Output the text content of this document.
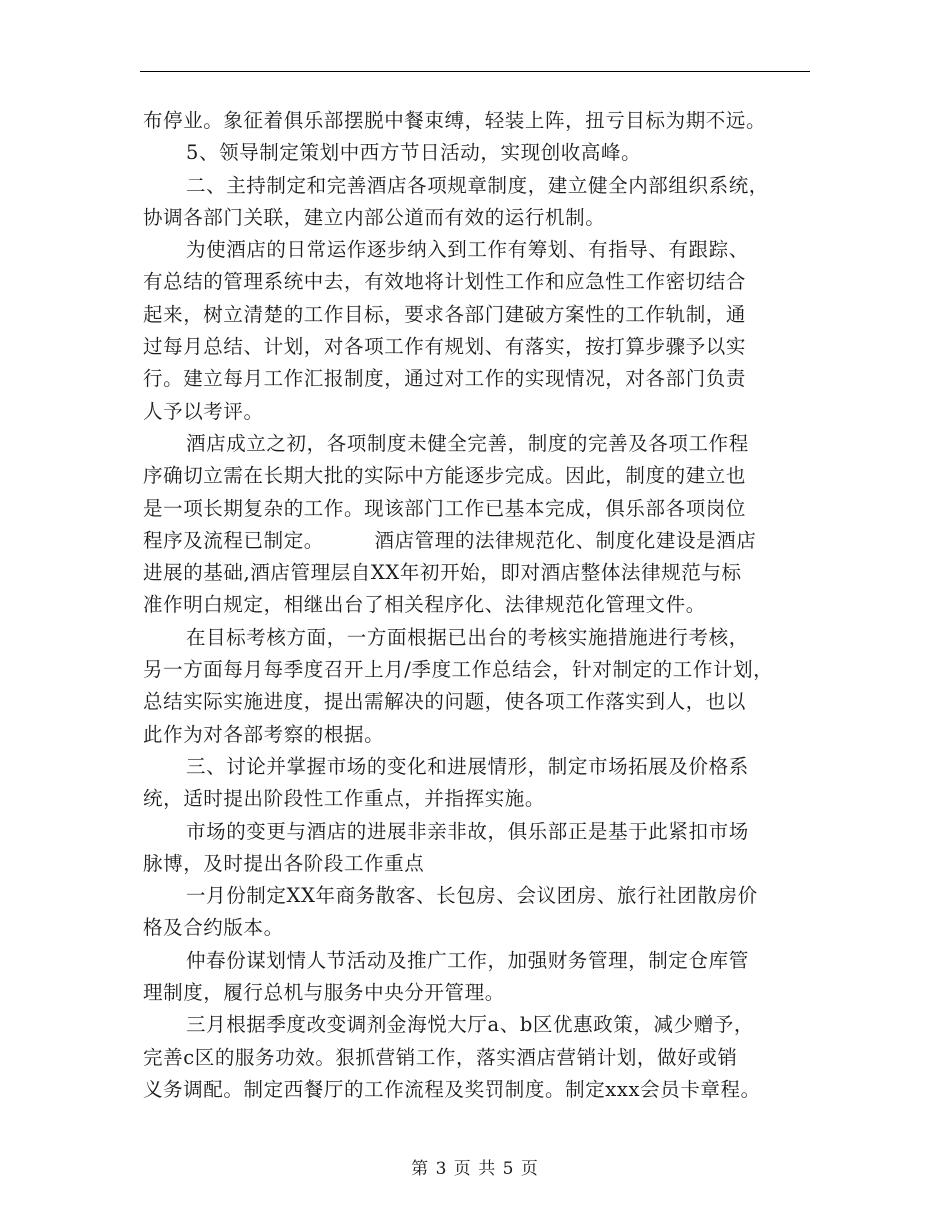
布停业。象征着俱乐部摆脱中餐束缚，轻装上阵，扭亏目标为期不远。
5、领导制定策划中西方节日活动，实现创收高峰。
二、主持制定和完善酒店各项规章制度，建立健全内部组织系统，
协调各部门关联，建立内部公道而有效的运行机制。
为使酒店的日常运作逐步纳入到工作有筹划、有指导、有跟踪、
有总结的管理系统中去，有效地将计划性工作和应急性工作密切结合
起来，树立清楚的工作目标，要求各部门建破方案性的工作轨制，通
过每月总结、计划，对各项工作有规划、有落实，按打算步骤予以实
行。建立每月工作汇报制度，通过对工作的实现情况，对各部门负责
人予以考评。
酒店成立之初，各项制度未健全完善，制度的完善及各项工作程
序确切立需在长期大批的实际中方能逐步完成。因此，制度的建立也
是一项长期复杂的工作。现该部门工作已基本完成，俱乐部各项岗位
程序及流程已制定。　　　酒店管理的法律规范化、制度化建设是酒店
进展的基础,酒店管理层自XX年初开始，即对酒店整体法律规范与标
准作明白规定，相继出台了相关程序化、法律规范化管理文件。
在目标考核方面，一方面根据已出台的考核实施措施进行考核，
另一方面每月每季度召开上月/季度工作总结会，针对制定的工作计划，
总结实际实施进度，提出需解决的问题，使各项工作落实到人，也以
此作为对各部考察的根据。
三、讨论并掌握市场的变化和进展情形，制定市场拓展及价格系
统，适时提出阶段性工作重点，并指挥实施。
市场的变更与酒店的进展非亲非故，俱乐部正是基于此紧扣市场
脉博，及时提出各阶段工作重点
一月份制定XX年商务散客、长包房、会议团房、旅行社团散房价
格及合约版本。
仲春份谋划情人节活动及推广工作，加强财务管理，制定仓库管
理制度，履行总机与服务中央分开管理。
三月根据季度改变调剂金海悦大厅a、b区优惠政策，减少赠予，
完善c区的服务功效。狠抓营销工作，落实酒店营销计划，做好或销
义务调配。制定西餐厅的工作流程及奖罚制度。制定xxx会员卡章程。
第 3 页 共 5 页
